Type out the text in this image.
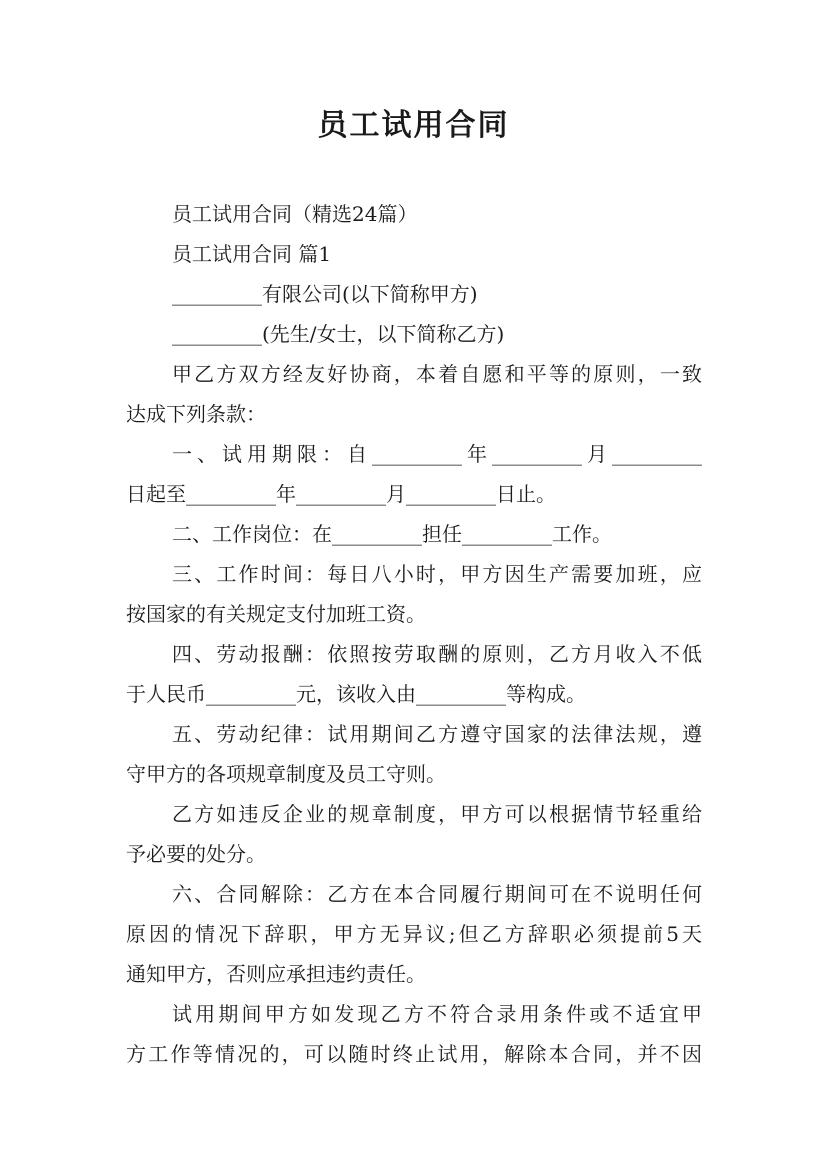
员工试用合同
员工试用合同（精选24篇）
员工试用合同 篇1
_________有限公司(以下简称甲方)
_________(先生/女士，以下简称乙方)
甲乙方双方经友好协商，本着自愿和平等的原则，一致
达成下列条款：
一、试用期限：自_________年_________月_________
日起至_________年_________月_________日止。
二、工作岗位：在_________担任_________工作。
三、工作时间：每日八小时，甲方因生产需要加班，应
按国家的有关规定支付加班工资。
四、劳动报酬：依照按劳取酬的原则，乙方月收入不低
于人民币_________元，该收入由_________等构成。
五、劳动纪律：试用期间乙方遵守国家的法律法规，遵
守甲方的各项规章制度及员工守则。
乙方如违反企业的规章制度，甲方可以根据情节轻重给
予必要的处分。
六、合同解除：乙方在本合同履行期间可在不说明任何
原因的情况下辞职，甲方无异议;但乙方辞职必须提前5天
通知甲方，否则应承担违约责任。
试用期间甲方如发现乙方不符合录用条件或不适宜甲
方工作等情况的，可以随时终止试用，解除本合同，并不因
